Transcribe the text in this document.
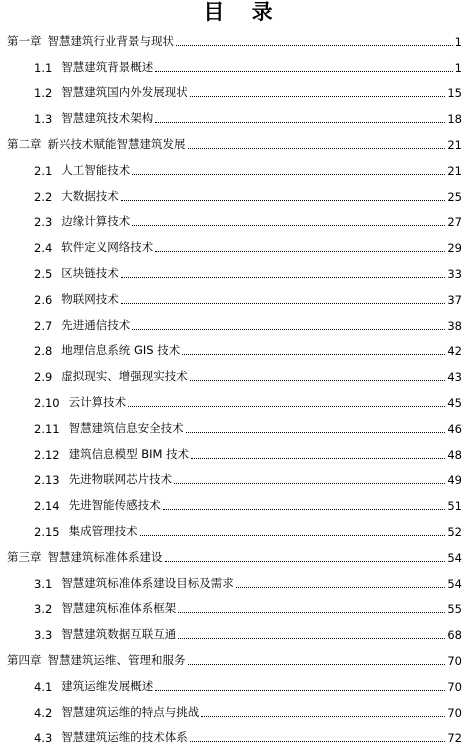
目 录
第一章 智慧建筑行业背景与现状	1
1.1 智慧建筑背景概述	1
1.2 智慧建筑国内外发展现状	15
1.3 智慧建筑技术架构	18
第二章 新兴技术赋能智慧建筑发展	21
2.1 人工智能技术	21
2.2 大数据技术	25
2.3 边缘计算技术	27
2.4 软件定义网络技术	29
2.5 区块链技术	33
2.6 物联网技术	37
2.7 先进通信技术	38
2.8 地理信息系统 GIS 技术	42
2.9 虚拟现实、增强现实技术	43
2.10 云计算技术	45
2.11 智慧建筑信息安全技术	46
2.12 建筑信息模型 BIM 技术	48
2.13 先进物联网芯片技术	49
2.14 先进智能传感技术	51
2.15 集成管理技术	52
第三章 智慧建筑标准体系建设	54
3.1 智慧建筑标准体系建设目标及需求	54
3.2 智慧建筑标准体系框架	55
3.3 智慧建筑数据互联互通	68
第四章 智慧建筑运维、管理和服务	70
4.1 建筑运维发展概述	70
4.2 智慧建筑运维的特点与挑战	70
4.3 智慧建筑运维的技术体系	72
